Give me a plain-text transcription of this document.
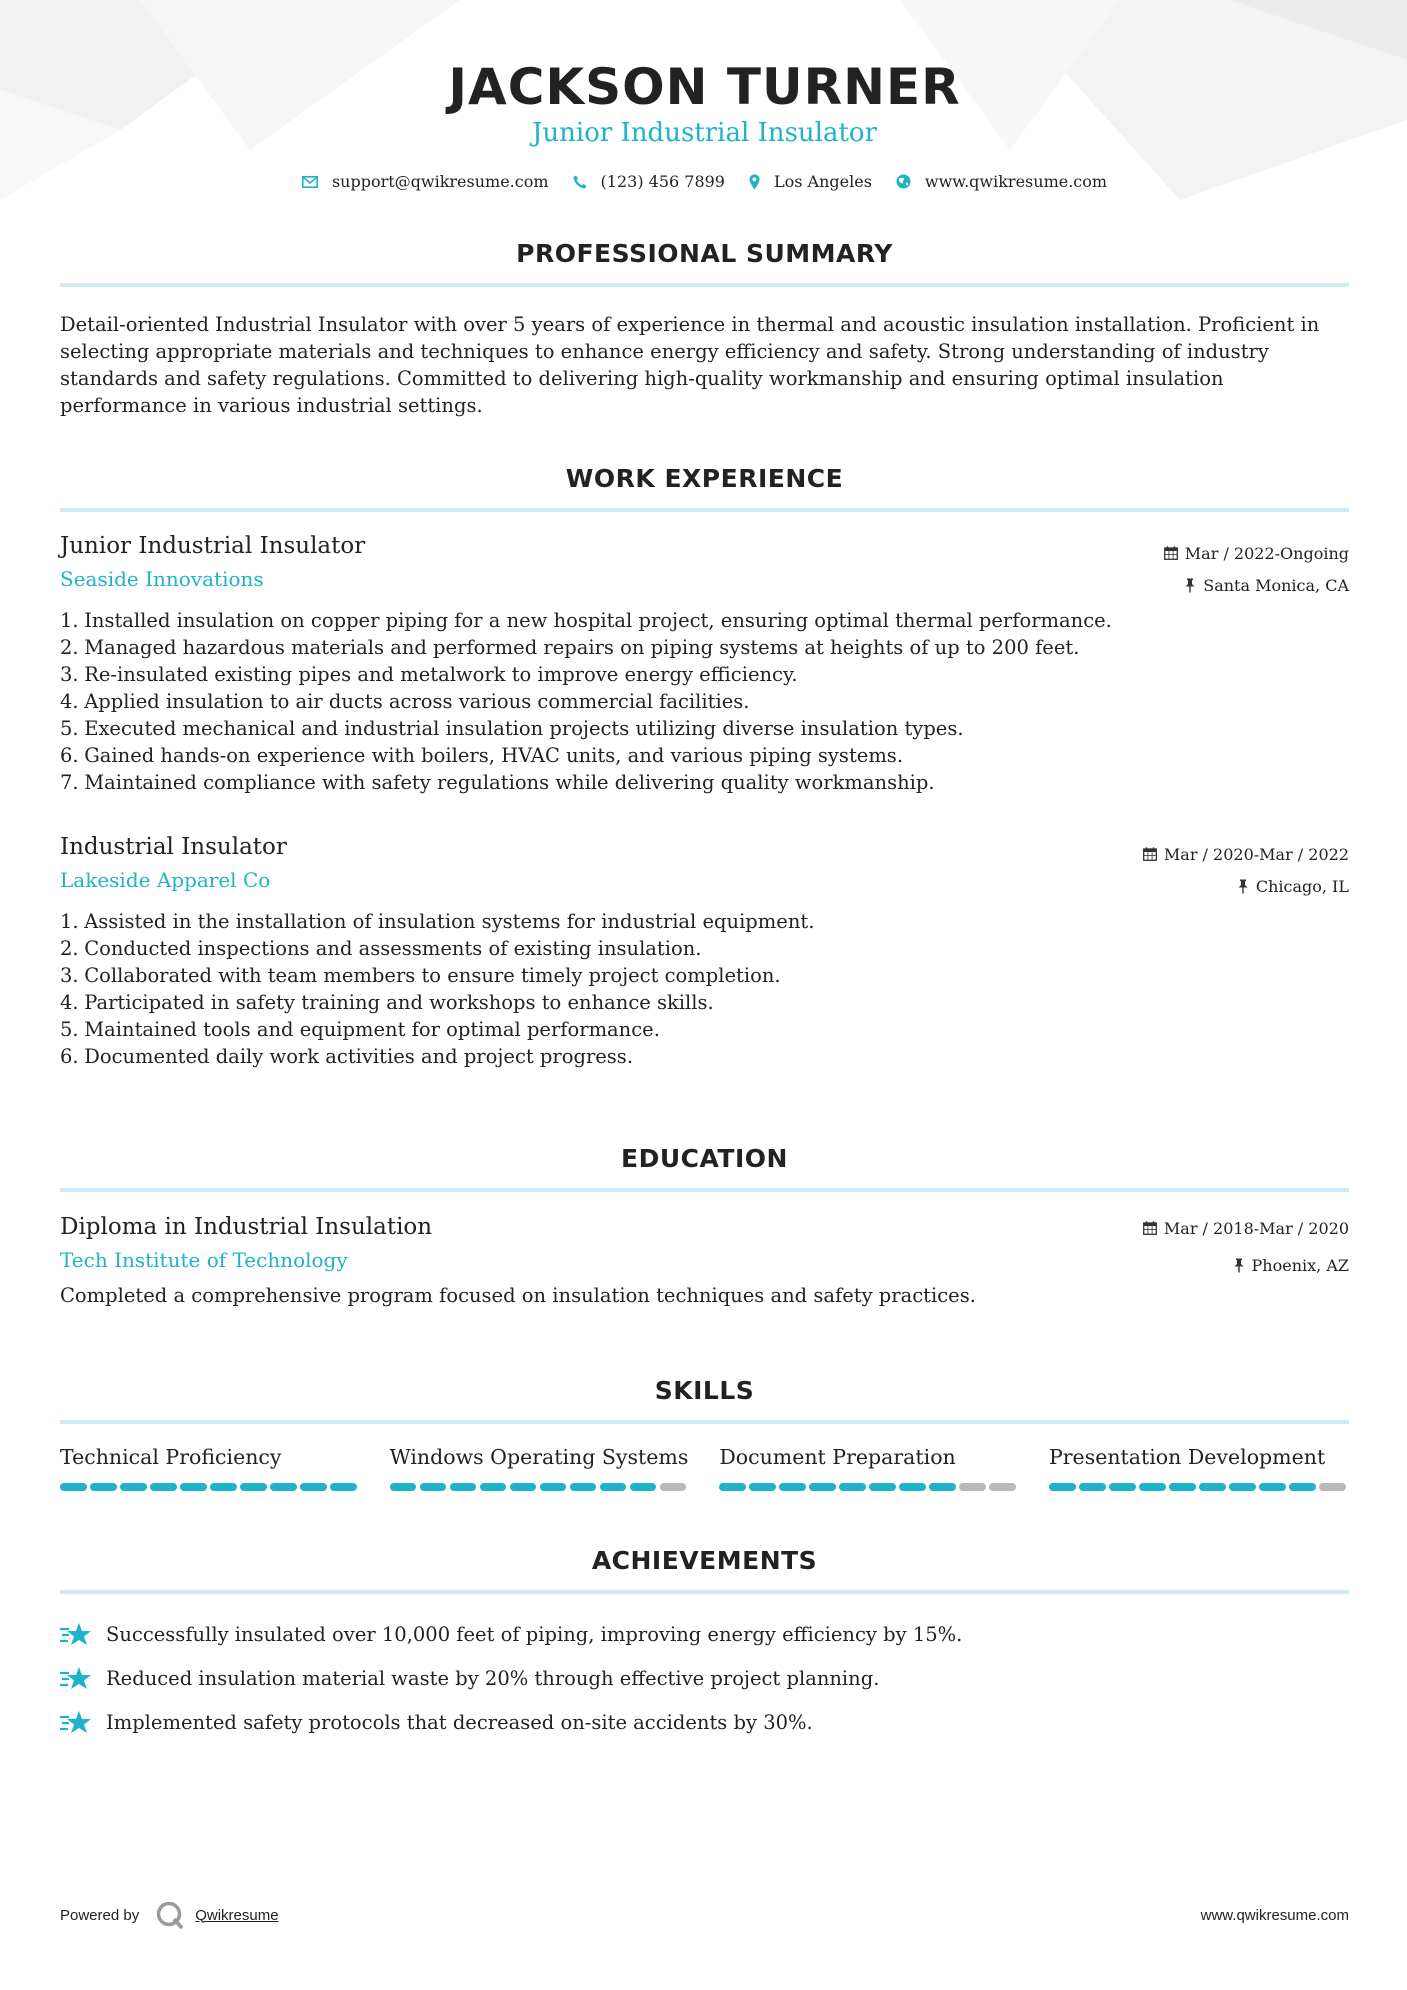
JACKSON TURNER
Junior Industrial Insulator
support@qwikresume.com	(123) 456 7899	Los Angeles	www.qwikresume.com
PROFESSIONAL SUMMARY
Detail-oriented Industrial Insulator with over 5 years of experience in thermal and acoustic insulation installation. Proficient in selecting appropriate materials and techniques to enhance energy efficiency and safety. Strong understanding of industry standards and safety regulations. Committed to delivering high-quality workmanship and ensuring optimal insulation performance in various industrial settings.
WORK EXPERIENCE
Junior Industrial Insulator
Seaside Innovations
Mar / 2022-Ongoing
Santa Monica, CA
1.
Installed insulation on copper piping for a new hospital project, ensuring optimal thermal performance.
2.
Managed hazardous materials and performed repairs on piping systems at heights of up to 200 feet.
3.
Re-insulated existing pipes and metalwork to improve energy efficiency.
4.
Applied insulation to air ducts across various commercial facilities.
5.
Executed mechanical and industrial insulation projects utilizing diverse insulation types.
6.
Gained hands-on experience with boilers, HVAC units, and various piping systems.
7.
Maintained compliance with safety regulations while delivering quality workmanship.
Industrial Insulator
Lakeside Apparel Co
Mar / 2020-Mar / 2022
Chicago, IL
1.
Assisted in the installation of insulation systems for industrial equipment.
2.
Conducted inspections and assessments of existing insulation.
3.
Collaborated with team members to ensure timely project completion.
4.
Participated in safety training and workshops to enhance skills.
5.
Maintained tools and equipment for optimal performance.
6.
Documented daily work activities and project progress.
EDUCATION
Diploma in Industrial Insulation
Tech Institute of Technology
Mar / 2018-Mar / 2020
Phoenix, AZ
Completed a comprehensive program focused on insulation techniques and safety practices.
SKILLS
Technical Proficiency	Windows Operating Systems Document Preparation	Presentation Development
ACHIEVEMENTS
Successfully insulated over 10,000 feet of piping, improving energy efficiency by 15%.
Reduced insulation material waste by 20% through effective project planning.
Implemented safety protocols that decreased on-site accidents by 30%.
Powered by	Qwikresume	www.qwikresume.com
